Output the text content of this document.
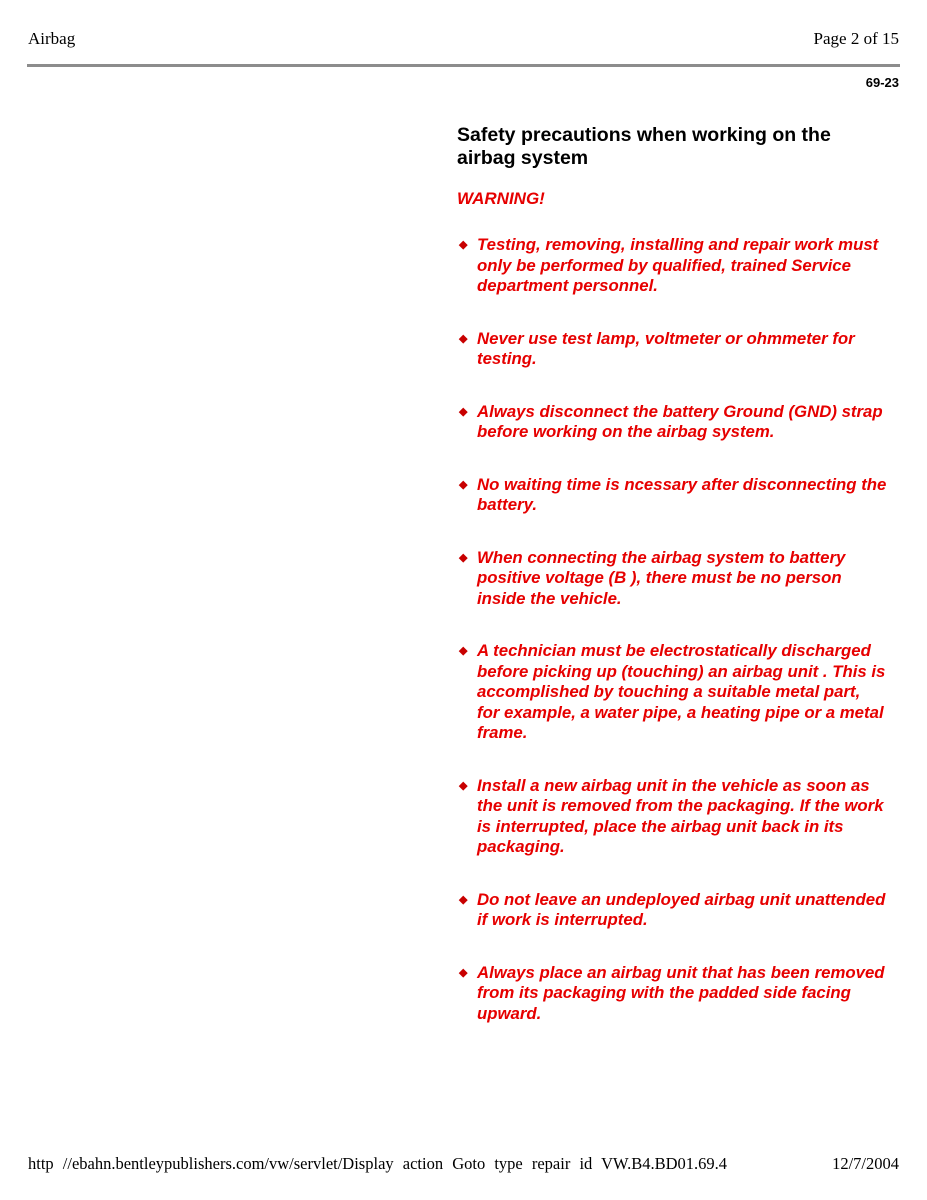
Airbag	Page 2 of 15
69-23
Safety precautions when working on the airbag system
WARNING!
◆ Testing, removing, installing and repair work must only be performed by qualified, trained Service department personnel.
◆ Never use test lamp, voltmeter or ohmmeter for testing.
◆ Always disconnect the battery Ground (GND) strap before working on the airbag system.
◆ No waiting time is ncessary after disconnecting the battery.
◆ When connecting the airbag system to battery positive voltage (B ), there must be no person inside the vehicle.
◆ A technician must be electrostatically discharged before picking up (touching) an airbag unit . This is accomplished by touching a suitable metal part, for example, a water pipe, a heating pipe or a metal frame.
◆ Install a new airbag unit in the vehicle as soon as the unit is removed from the packaging. If the work is interrupted, place the airbag unit back in its packaging.
◆ Do not leave an undeployed airbag unit unattended if work is interrupted.
◆ Always place an airbag unit that has been removed from its packaging with the padded side facing upward.
http //ebahn.bentleypublishers.com/vw/servlet/Display action Goto type repair id VW.B4.BD01.69.4	12/7/2004
